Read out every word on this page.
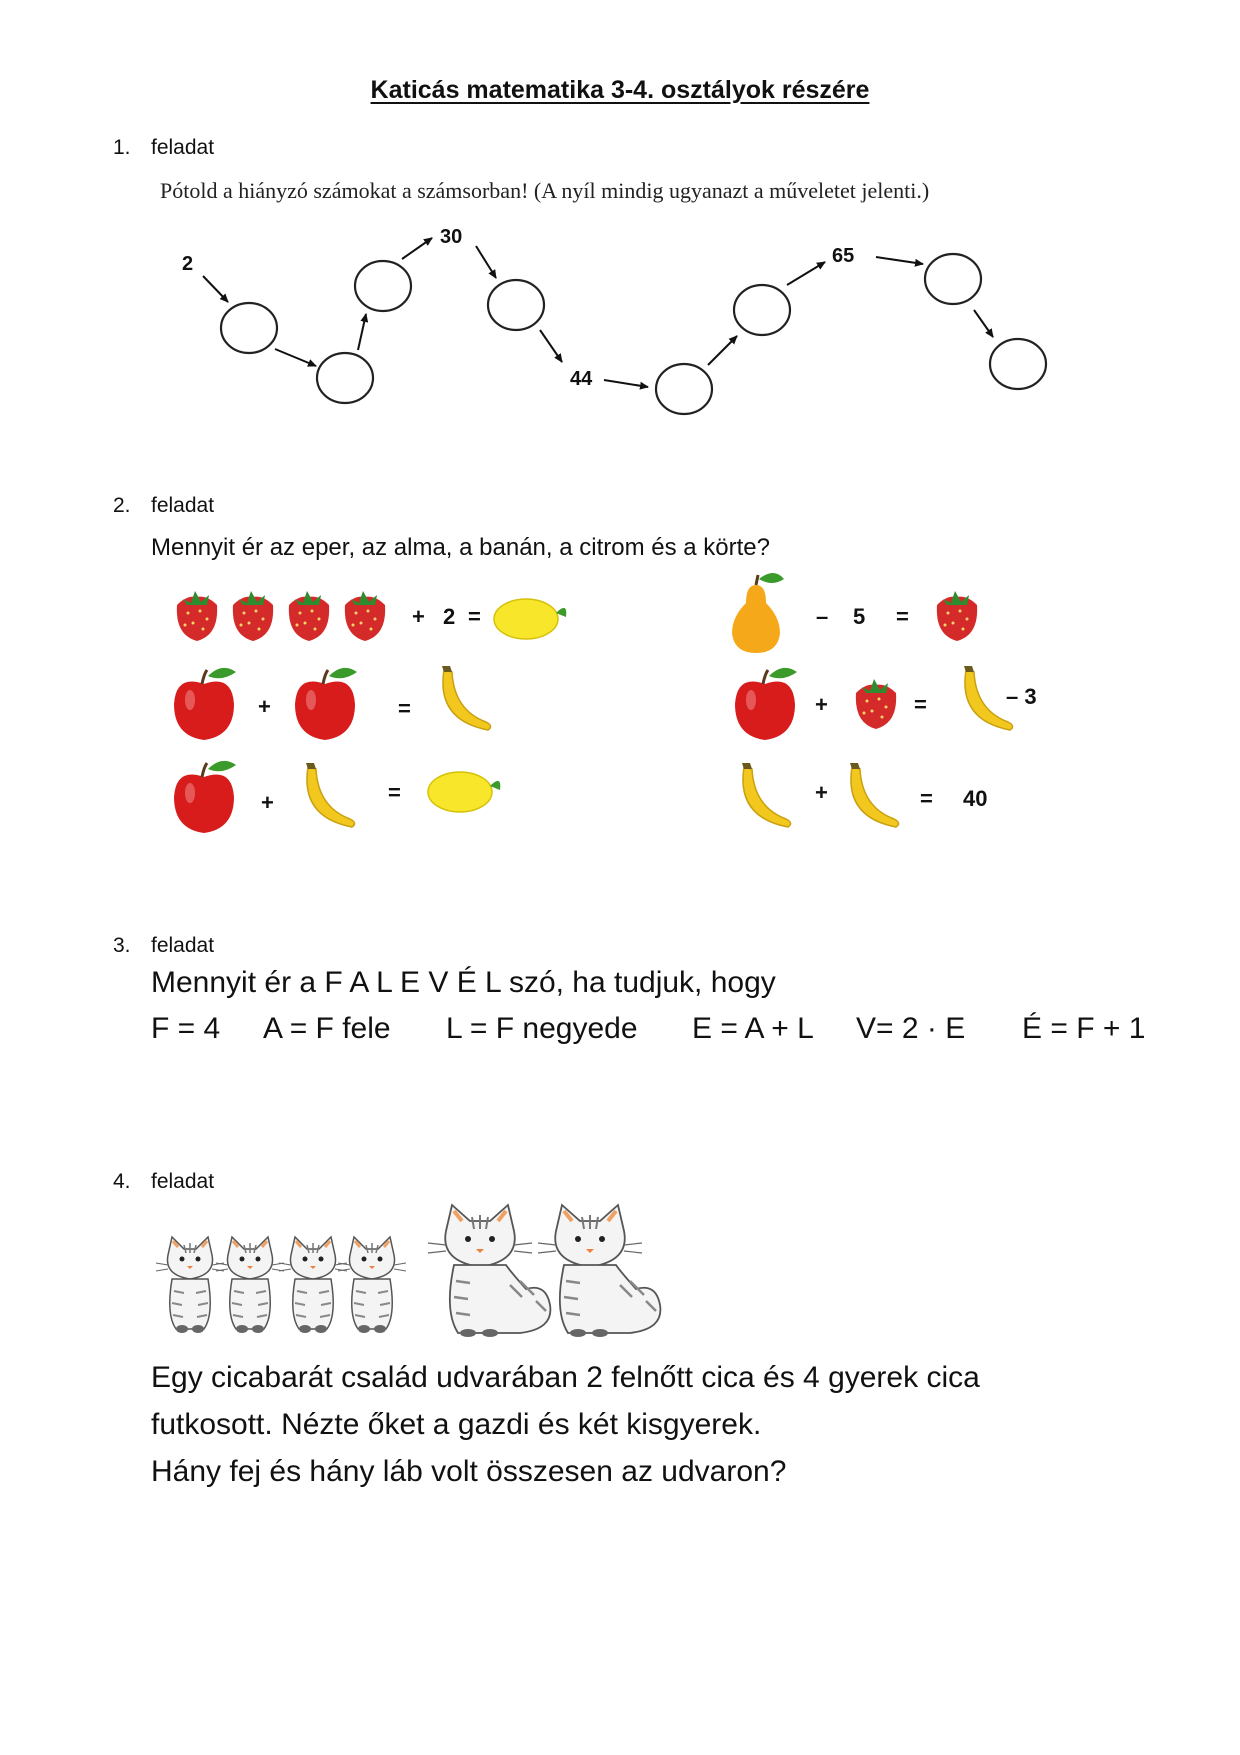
Katicás matematika 3-4. osztályok részére
1. feladat
Pótold a hiányzó számokat a számsorban! (A nyíl mindig ugyanazt a műveletet jelenti.)
2
30
44
65
2. feladat
Mennyit ér az eper, az alma, a banán, a citrom és a körte?
+ 2 =
+	=
+	=
– 5 =
+	=	– 3
+	= 40
3. feladat
Mennyit ér a F A L E V É L szó, ha tudjuk, hogy
F = 4 A = F fele L = F negyede E = A + L V= 2 · E É = F + 1
4. feladat
Egy cicabarát család udvarában 2 felnőtt cica és 4 gyerek cica
futkosott. Nézte őket a gazdi és két kisgyerek.
Hány fej és hány láb volt összesen az udvaron?
